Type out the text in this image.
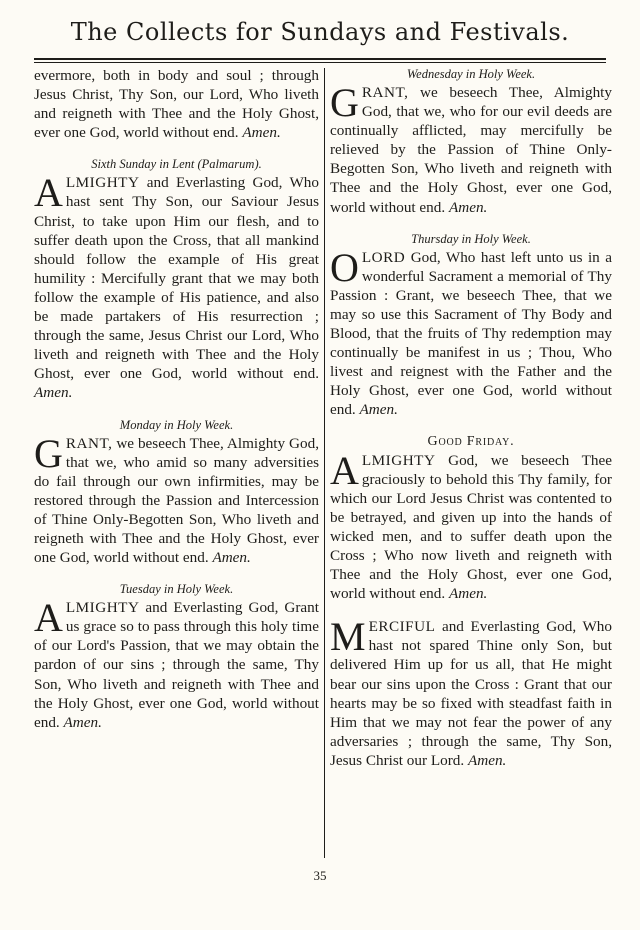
The Collects for Sundays and Festivals.

evermore, both in body and soul ; through Jesus Christ, Thy Son, our Lord, Who liveth and reigneth with Thee and the Holy Ghost, ever one God, world without end. Amen.

Sixth Sunday in Lent (Palmarum).

ALMIGHTY and Everlasting God, Who hast sent Thy Son, our Saviour Jesus Christ, to take upon Him our flesh, and to suffer death upon the Cross, that all mankind should follow the example of His great humility : Mercifully grant that we may both follow the example of His patience, and also be made partakers of His resurrection ; through the same, Jesus Christ our Lord, Who liveth and reigneth with Thee and the Holy Ghost, ever one God, world without end. Amen.

Monday in Holy Week.

GRANT, we beseech Thee, Almighty God, that we, who amid so many adversities do fail through our own infirmities, may be restored through the Passion and Intercession of Thine Only-Begotten Son, Who liveth and reigneth with Thee and the Holy Ghost, ever one God, world without end. Amen.

Tuesday in Holy Week.

ALMIGHTY and Everlasting God, Grant us grace so to pass through this holy time of our Lord's Passion, that we may obtain the pardon of our sins ; through the same, Thy Son, Who liveth and reigneth with Thee and the Holy Ghost, ever one God, world without end. Amen.

Wednesday in Holy Week.

GRANT, we beseech Thee, Almighty God, that we, who for our evil deeds are continually afflicted, may mercifully be relieved by the Passion of Thine Only-Begotten Son, Who liveth and reigneth with Thee and the Holy Ghost, ever one God, world without end. Amen.

Thursday in Holy Week.

OLORD God, Who hast left unto us in a wonderful Sacrament a memorial of Thy Passion : Grant, we beseech Thee, that we may so use this Sacrament of Thy Body and Blood, that the fruits of Thy redemption may continually be manifest in us ; Thou, Who livest and reignest with the Father and the Holy Ghost, ever one God, world without end. Amen.

Good Friday.

ALMIGHTY God, we beseech Thee graciously to behold this Thy family, for which our Lord Jesus Christ was contented to be betrayed, and given up into the hands of wicked men, and to suffer death upon the Cross ; Who now liveth and reigneth with Thee and the Holy Ghost, ever one God, world without end. Amen.

MERCIFUL and Everlasting God, Who hast not spared Thine only Son, but delivered Him up for us all, that He might bear our sins upon the Cross : Grant that our hearts may be so fixed with steadfast faith in Him that we may not fear the power of any adversaries ; through the same, Thy Son, Jesus Christ our Lord. Amen.

35
